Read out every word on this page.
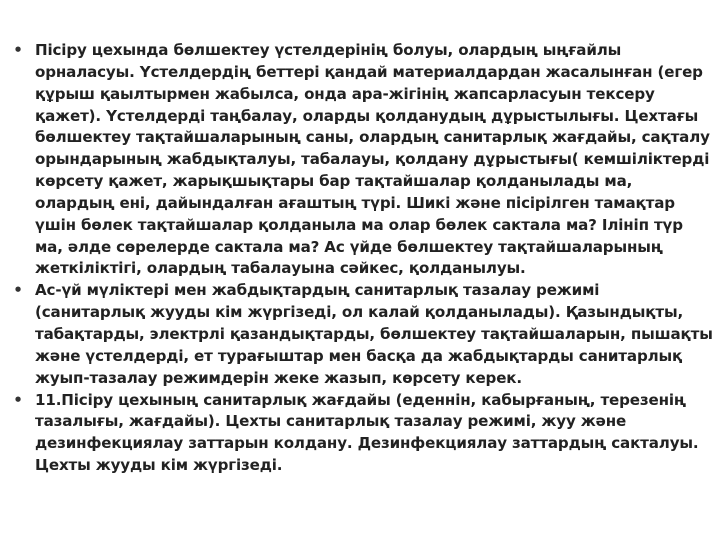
• Пісіру цехында бөлшектеу үстелдерінің болуы, олардың ыңғайлы орналасуы. Үстелдердің беттері қандай материалдардан жасалынған (егер құрыш қаылтырмен жабылса, онда ара-жігінің жапсарласуын тексеру қажет). Үстелдерді таңбалау, оларды қолданудың дұрыстылығы. Цехтағы бөлшектеу тақтайшаларының саны, олардың санитарлық жағдайы, сақталу орындарының жабдықталуы, табалауы, қолдану дұрыстығы( кемшіліктерді көрсету қажет, жарықшықтары бар тақтайшалар қолданылады ма, олардың ені, дайындалған ағаштың түрі. Шикі және пісірілген тамақтар үшін бөлек тақтайшалар қолданыла ма олар бөлек сактала ма? Ілініп түр ма, әлде сөрелерде сактала ма? Ас үйде бөлшектеу тақтайшаларының жеткіліктігі, олардың табалауына сәйкес, қолданылуы.
• Ас-үй мүліктері мен жабдықтардың санитарлық тазалау режимі (санитарлық жууды кім жүргізеді, ол калай қолданылады). Қазындықты, табақтарды, электрлі қазандықтарды, бөлшектеу тақтайшаларын, пышақты және үстелдерді, ет турағыштар мен басқа да жабдықтарды санитарлық жуып-тазалау режимдерін жеке жазып, көрсету керек.
• 11.Пісіру цехының санитарлық жағдайы (еденнін, кабырғаның, терезенің тазалығы, жағдайы). Цехты санитарлық тазалау режимі, жуу және дезинфекциялау заттарын колдану. Дезинфекциялау заттардың сакталуы. Цехты жууды кім жүргізеді.
